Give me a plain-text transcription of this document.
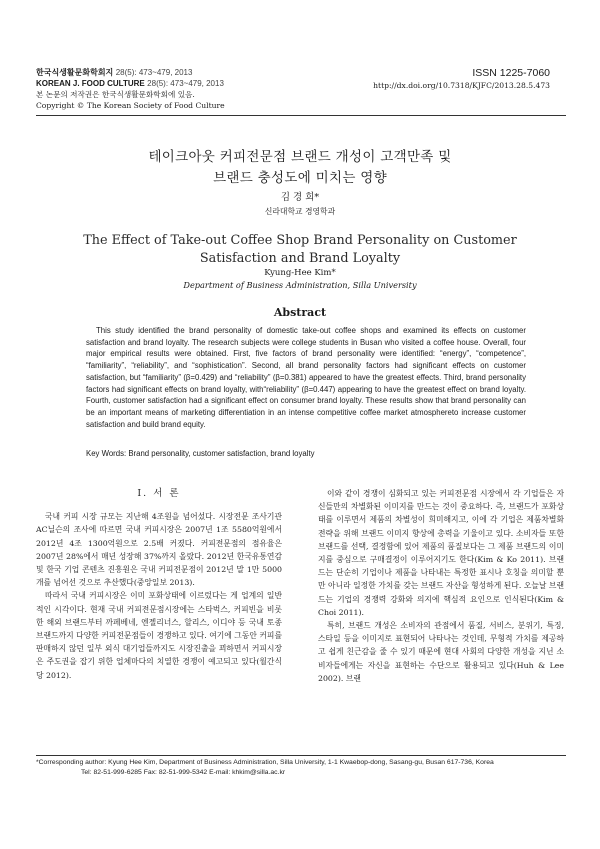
한국식생활문화학회지 28(5): 473~479, 2013
KOREAN J. FOOD CULTURE 28(5): 473~479, 2013
본 논문의 저작권은 한국식생활문화학회에 있음.
Copyright © The Korean Society of Food Culture
ISSN 1225-7060
http://dx.doi.org/10.7318/KJFC/2013.28.5.473
테이크아웃 커피전문점 브랜드 개성이 고객만족 및
브랜드 충성도에 미치는 영향
김 경 희*
신라대학교 경영학과
The Effect of Take-out Coffee Shop Brand Personality on Customer
Satisfaction and Brand Loyalty
Kyung-Hee Kim*
Department of Business Administration, Silla University
Abstract
This study identified the brand personality of domestic take-out coffee shops and examined its effects on customer satisfaction and brand loyalty. The research subjects were college students in Busan who visited a coffee house. Overall, four major empirical results were obtained. First, five factors of brand personality were identified: “energy”, “competence”, “familiarity”, “reliability”, and “sophistication”. Second, all brand personality factors had significant effects on customer satisfaction, but “familiarity” (β=0.429) and “reliability” (β=0.381) appeared to have the greatest effects. Third, brand personality factors had significant effects on brand loyalty, with“reliability” (β=0.447) appearing to have the greatest effect on brand loyalty. Fourth, customer satisfaction had a significant effect on consumer brand loyalty. These results show that brand personality can be an important means of marketing differentiation in an intense competitive coffee market atmosphereto increase customer satisfaction and build brand equity.
Key Words: Brand personality, customer satisfaction, brand loyalty

Ⅰ. 서 론

국내 커피 시장 규모는 지난해 4조원을 넘어섰다. 시장전문 조사기관 AC닐슨의 조사에 따르면 국내 커피시장은 2007년 1조 5580억원에서 2012년 4조 1300억원으로 2.5배 커졌다. 커피전문점의 점유율은 2007년 28%에서 매년 성장해 37%까지 올랐다. 2012년 한국유통연감 및 한국 기업 콘텐츠 진흥원은 국내 커피전문점이 2012년 말 1만 5000개를 넘어선 것으로 추산했다(중앙일보 2013).

따라서 국내 커피시장은 이미 포화상태에 이르렀다는 게 업계의 일반적인 시각이다. 현재 국내 커피전문점시장에는 스타벅스, 커피빈을 비롯한 해외 브랜드부터 까페베네, 엔젤리너스, 할리스, 이디야 등 국내 토종 브랜드까지 다양한 커피전문점들이 경쟁하고 있다. 여기에 그동안 커피를 판매하지 않던 일부 외식 대기업들까지도 시장진출을 꾀하면서 커피시장은 주도권을 잡기 위한 업체마다의 치열한 경쟁이 예고되고 있다(월간식당 2012).

이와 같이 경쟁이 심화되고 있는 커피전문점 시장에서 각 기업들은 자신들만의 차별화된 이미지를 만드는 것이 중요하다. 즉, 브랜드가 포화상태를 이루면서 제품의 차별성이 희미해지고, 이에 각 기업은 제품차별화 전략을 위해 브랜드 이미지 향상에 총력을 기울이고 있다. 소비자들 또한 브랜드를 선택, 결정함에 있어 제품의 품질보다는 그 제품 브랜드의 이미지를 중심으로 구매결정이 이루어지기도 한다(Kim & Ko 2011). 브랜드는 단순히 기업이나 제품을 나타내는 특정한 표시나 호칭을 의미할 뿐만 아니라 일정한 가치를 갖는 브랜드 자산을 형성하게 된다. 오늘날 브랜드는 기업의 경쟁력 강화와 의지에 핵심적 요인으로 인식된다(Kim & Choi 2011).

특히, 브랜드 개성은 소비자의 관점에서 품질, 서비스, 분위기, 특징, 스타일 등을 이미지로 표현되어 나타나는 것인데, 무형적 가치를 제공하고 쉽게 친근감을 줄 수 있기 때문에 현대 사회의 다양한 개성을 지닌 소비자들에게는 자신을 표현하는 수단으로 활용되고 있다(Huh & Lee 2002). 브랜

*Corresponding author: Kyung Hee Kim, Department of Business Administration, Silla University, 1-1 Kwaebop-dong, Sasang-gu, Busan 617-736, Korea
Tel: 82-51-999-6285 Fax: 82-51-999-5342 E-mail: khkim@silla.ac.kr
